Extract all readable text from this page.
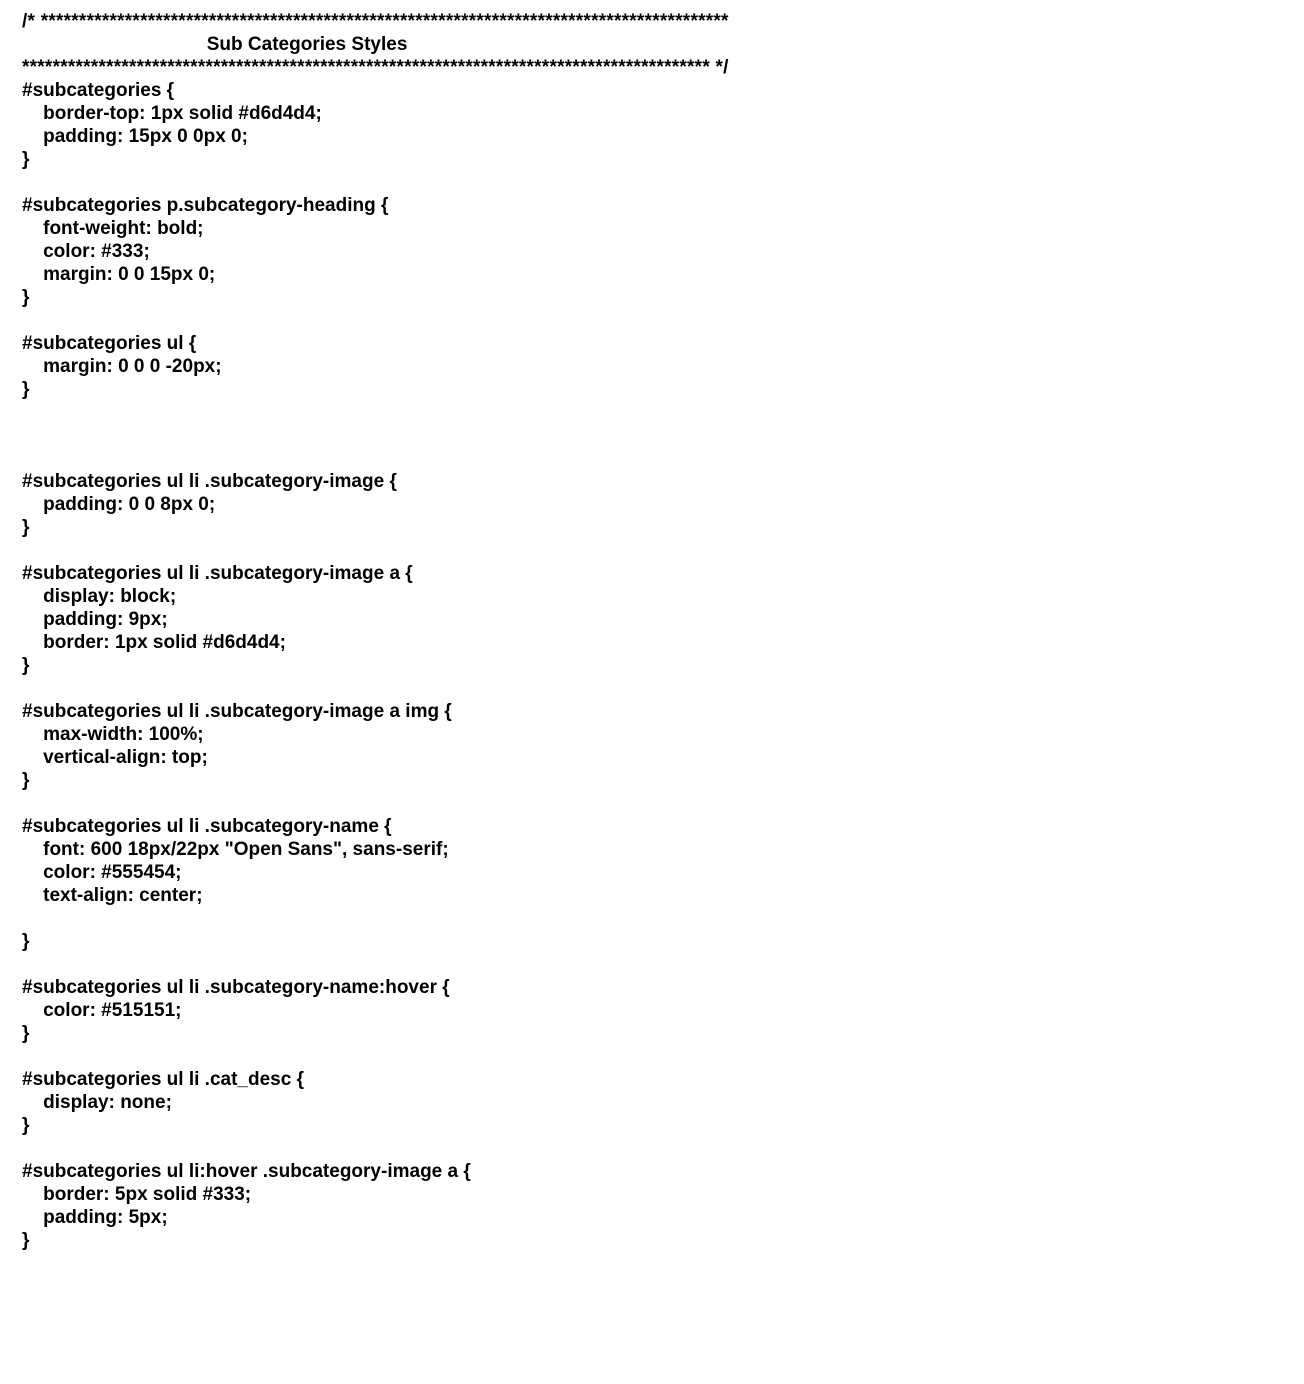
/* ******************************************************************************************
Sub Categories Styles
****************************************************************************************** */
#subcategories {
border-top: 1px solid #d6d4d4;
padding: 15px 0 0px 0;
}
#subcategories p.subcategory-heading {
font-weight: bold;
color: #333;
margin: 0 0 15px 0;
}
#subcategories ul {
margin: 0 0 0 -20px;
}
#subcategories ul li .subcategory-image {
padding: 0 0 8px 0;
}
#subcategories ul li .subcategory-image a {
display: block;
padding: 9px;
border: 1px solid #d6d4d4;
}
#subcategories ul li .subcategory-image a img {
max-width: 100%;
vertical-align: top;
}
#subcategories ul li .subcategory-name {
font: 600 18px/22px "Open Sans", sans-serif;
color: #555454;
text-align: center;
}
#subcategories ul li .subcategory-name:hover {
color: #515151;
}
#subcategories ul li .cat_desc {
display: none;
}
#subcategories ul li:hover .subcategory-image a {
border: 5px solid #333;
padding: 5px;
}
